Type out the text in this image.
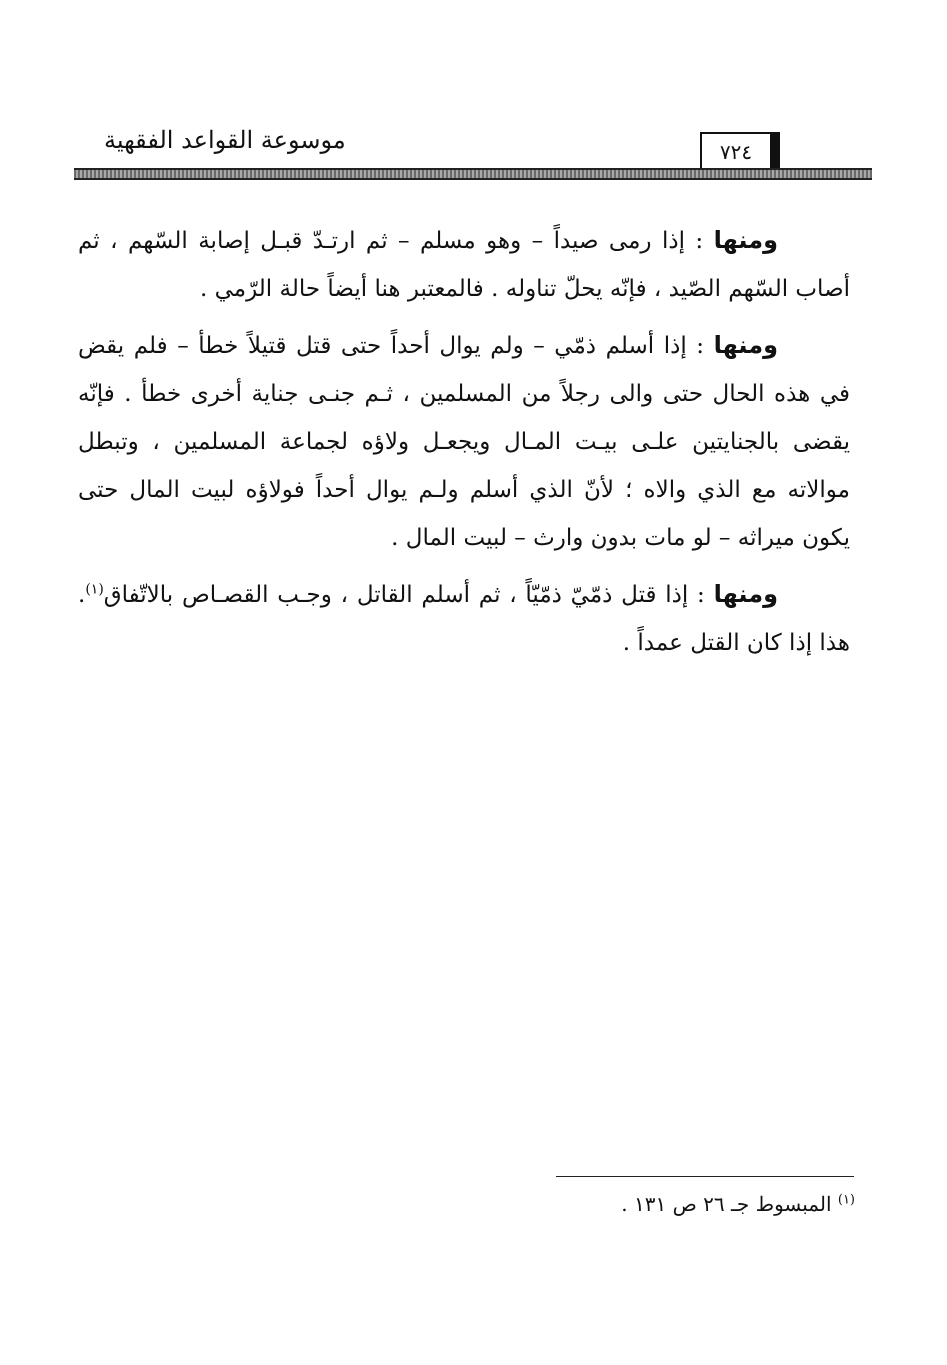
موسوعة القواعد الفقهية	٧٢٤

ومنها : إذا رمى صيداً – وهو مسلم – ثم ارتـدّ قبـل إصابة السّهم ، ثم أصاب السّهم الصّيد ، فإنّه يحلّ تناوله . فالمعتبر هنا أيضاً حالة الرّمي .

ومنها : إذا أسلم ذمّي – ولم يوال أحداً حتى قتل قتيلاً خطأ – فلم يقض في هذه الحال حتى والى رجلاً من المسلمين ، ثـم جنـى جناية أخرى خطأ . فإنّه يقضى بالجنايتين علـى بيـت المـال ويجعـل ولاؤه لجماعة المسلمين ، وتبطل موالاته مع الذي والاه ؛ لأنّ الذي أسلم ولـم يوال أحداً فولاؤه لبيت المال حتى يكون ميراثه – لو مات بدون وارث – لبيت المال .

ومنها : إذا قتل ذمّيّ ذمّيّاً ، ثم أسلم القاتل ، وجـب القصـاص بالاتّفاق$^{(١)}$. هذا إذا كان القتل عمداً .

$^{(١)}$ المبسوط جـ ٢٦ ص ١٣١ .
